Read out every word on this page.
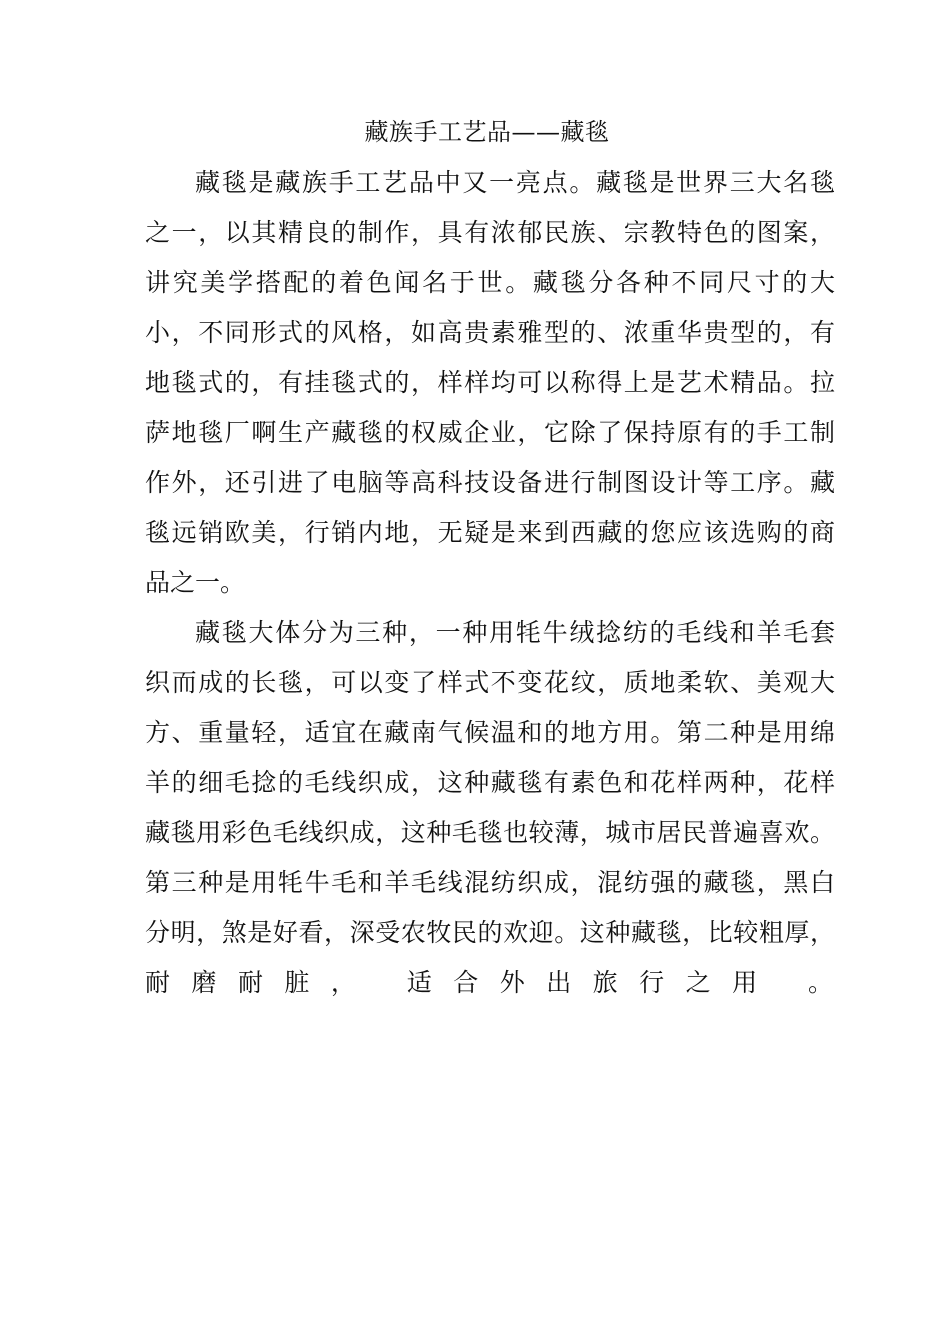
藏族手工艺品——藏毯

藏毯是藏族手工艺品中又一亮点。藏毯是世界三大名毯
之一，以其精良的制作，具有浓郁民族、宗教特色的图案，
讲究美学搭配的着色闻名于世。藏毯分各种不同尺寸的大
小，不同形式的风格，如高贵素雅型的、浓重华贵型的，有
地毯式的，有挂毯式的，样样均可以称得上是艺术精品。拉
萨地毯厂啊生产藏毯的权威企业，它除了保持原有的手工制
作外，还引进了电脑等高科技设备进行制图设计等工序。藏
毯远销欧美，行销内地，无疑是来到西藏的您应该选购的商
品之一。

藏毯大体分为三种，一种用牦牛绒捻纺的毛线和羊毛套
织而成的长毯，可以变了样式不变花纹，质地柔软、美观大
方、重量轻，适宜在藏南气候温和的地方用。第二种是用绵
羊的细毛捻的毛线织成，这种藏毯有素色和花样两种，花样
藏毯用彩色毛线织成，这种毛毯也较薄，城市居民普遍喜欢。
第三种是用牦牛毛和羊毛线混纺织成，混纺强的藏毯，黑白
分明，煞是好看，深受农牧民的欢迎。这种藏毯，比较粗厚，
耐磨耐脏， 适合外出旅行之用 。
